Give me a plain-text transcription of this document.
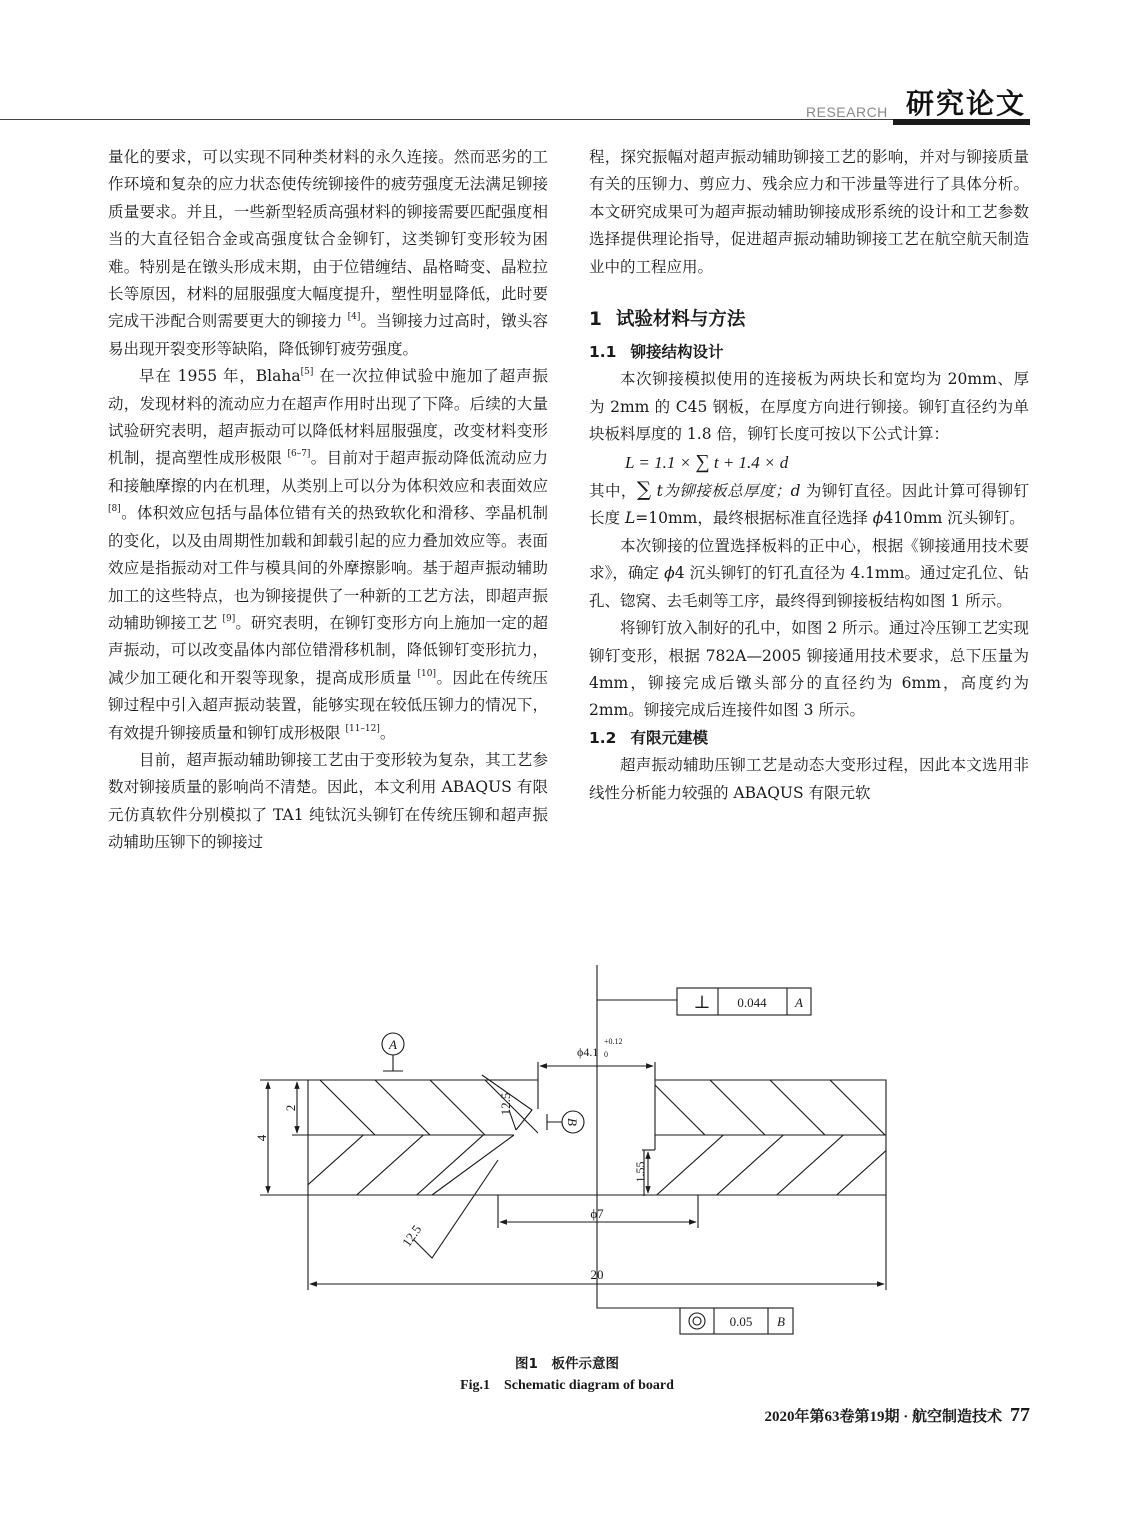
RESEARCH 研究论文

量化的要求，可以实现不同种类材料的永久连接。然而恶劣的工作环境和复杂的应力状态使传统铆接件的疲劳强度无法满足铆接质量要求。并且，一些新型轻质高强材料的铆接需要匹配强度相当的大直径铝合金或高强度钛合金铆钉，这类铆钉变形较为困难。特别是在镦头形成末期，由于位错缠结、晶格畸变、晶粒拉长等原因，材料的屈服强度大幅度提升，塑性明显降低，此时要完成干涉配合则需要更大的铆接力 [4]。当铆接力过高时，镦头容易出现开裂变形等缺陷，降低铆钉疲劳强度。

早在 1955 年，Blaha[5] 在一次拉伸试验中施加了超声振动，发现材料的流动应力在超声作用时出现了下降。后续的大量试验研究表明，超声振动可以降低材料屈服强度，改变材料变形机制，提高塑性成形极限 [6–7]。目前对于超声振动降低流动应力和接触摩擦的内在机理，从类别上可以分为体积效应和表面效应 [8]。体积效应包括与晶体位错有关的热致软化和滑移、孪晶机制的变化，以及由周期性加载和卸载引起的应力叠加效应等。表面效应是指振动对工件与模具间的外摩擦影响。基于超声振动辅助加工的这些特点，也为铆接提供了一种新的工艺方法，即超声振动辅助铆接工艺 [9]。研究表明，在铆钉变形方向上施加一定的超声振动，可以改变晶体内部位错滑移机制，降低铆钉变形抗力，减少加工硬化和开裂等现象，提高成形质量 [10]。因此在传统压铆过程中引入超声振动装置，能够实现在较低压铆力的情况下，有效提升铆接质量和铆钉成形极限 [11–12]。

目前，超声振动辅助铆接工艺由于变形较为复杂，其工艺参数对铆接质量的影响尚不清楚。因此，本文利用 ABAQUS 有限元仿真软件分别模拟了 TA1 纯钛沉头铆钉在传统压铆和超声振动辅助压铆下的铆接过

程，探究振幅对超声振动辅助铆接工艺的影响，并对与铆接质量有关的压铆力、剪应力、残余应力和干涉量等进行了具体分析。本文研究成果可为超声振动辅助铆接成形系统的设计和工艺参数选择提供理论指导，促进超声振动辅助铆接工艺在航空航天制造业中的工程应用。

1 试验材料与方法
1.1 铆接结构设计

本次铆接模拟使用的连接板为两块长和宽均为 20mm、厚为 2mm 的 C45 钢板，在厚度方向进行铆接。铆钉直径约为单块板料厚度的 1.8 倍，铆钉长度可按以下公式计算：

L = 1.1 × ∑ t + 1.4 × d

其中，∑ t为铆接板总厚度；d 为铆钉直径。因此计算可得铆钉长度 L=10mm，最终根据标准直径选择 ϕ410mm 沉头铆钉。

本次铆接的位置选择板料的正中心，根据《铆接通用技术要求》，确定 ϕ4 沉头铆钉的钉孔直径为 4.1mm。通过定孔位、钻孔、锪窝、去毛刺等工序，最终得到铆接板结构如图 1 所示。

将铆钉放入制好的孔中，如图 2 所示。通过冷压铆工艺实现铆钉变形，根据 782A—2005 铆接通用技术要求，总下压量为 4mm，铆接完成后镦头部分的直径约为 6mm，高度约为 2mm。铆接完成后连接件如图 3 所示。

1.2 有限元建模

超声振动辅助压铆工艺是动态大变形过程，因此本文选用非线性分析能力较强的 ABAQUS 有限元软

⊥ 0.044 A
0.05 B
A
B
ϕ4.1
+0.12
0
2
4
12.5
12.5
1.55
ϕ7
20
图1　板件示意图
Fig.1　Schematic diagram of board
2020年第63卷第19期 · 航空制造技术 77
